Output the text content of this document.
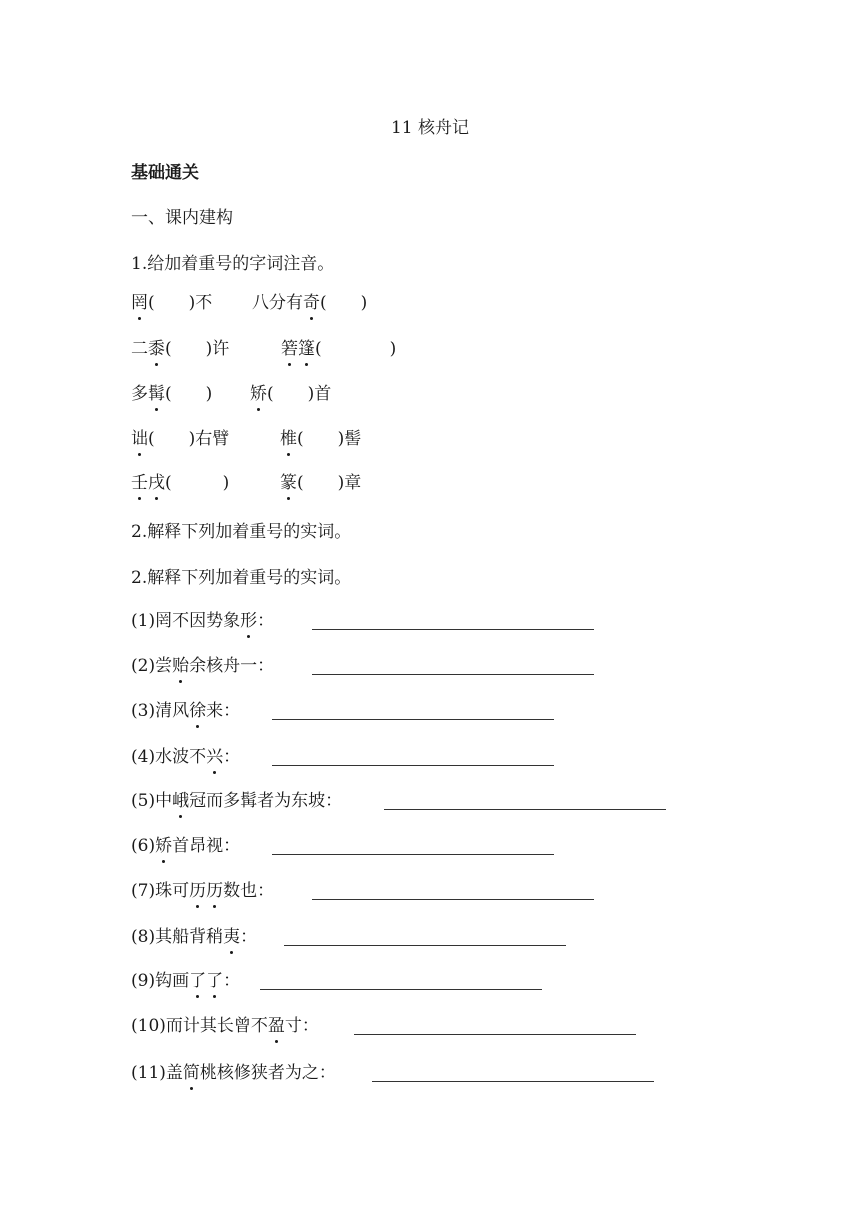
11 核舟记
基础通关
一、课内建构
1.给加着重号的字词注音。
罔(　　)不 八分有奇(　　)
二黍(　　)许	箬篷(　　　　)
多髯(　　) 矫(　　)首
诎(　　)右臂	椎(　　)髻
壬戌(　　　)	篆(　　)章
2.解释下列加着重号的实词。
2.解释下列加着重号的实词。
(1)罔不因势象形：
(2)尝贻余核舟一：
(3)清风徐来：
(4)水波不兴：
(5)中峨冠而多髯者为东坡：
(6)矫首昂视：
(7)珠可历历数也：
(8)其船背稍夷：
(9)钩画了了：
(10)而计其长曾不盈寸：
(11)盖简桃核修狭者为之：
